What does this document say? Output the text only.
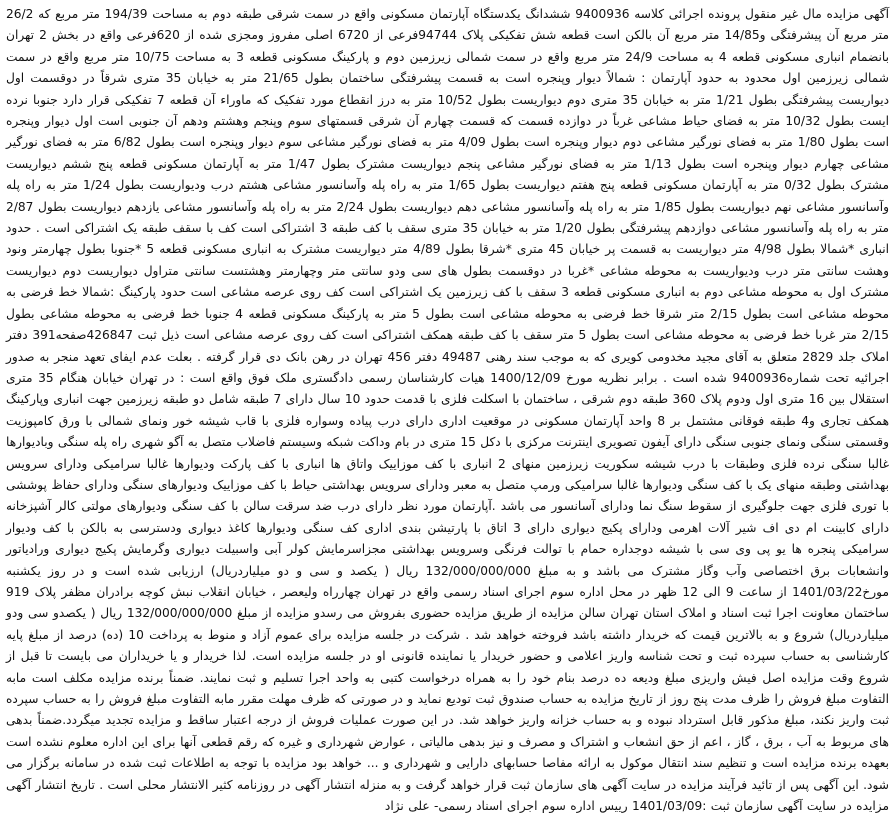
آگهی مزایده مال غیر منقول پرونده اجرائی کلاسه 9400936 ششدانگ یکدستگاه آپارتمان مسکونی واقع در سمت شرقی طبقه دوم به مساحت 194/39 متر مربع که 26/2 متر مربع آن پیشرفتگی و14/85 متر مربع آن بالکن است قطعه شش تفکیکی پلاک 94744فرعی از 6720 اصلی مفروز ومجزی شده از 620فرعی واقع در بخش 2 تهران بانضمام انباری مسکونی قطعه 4 به مساحت 24/9 متر مربع واقع در سمت شمالی زیرزمین دوم و پارکینگ مسکونی قطعه 3 به مساحت 10/75 متر مربع واقع در سمت شمالی زیرزمین اول محدود به حدود آپارتمان : شمالاً دیوار وپنجره است به قسمت پیشرفتگی ساختمان بطول 21/65 متر به خیابان 35 متری شرقاً در دوقسمت اول دیواریست پیشرفتگی بطول 1/21 متر به خیابان 35 متری دوم دیواریست بطول 10/52 متر به درز انقطاع مورد تفکیک که ماوراء آن قطعه 7 تفکیکی قرار دارد جنوبا نرده ایست بطول 10/32 متر به فضای حیاط مشاعی غرباً در دوازده قسمت که قسمت چهارم آن شرقی قسمتهای سوم وپنجم وهشتم ودهم آن جنوبی است اول دیوار وپنجره است بطول 1/80 متر به فضای نورگیر مشاعی دوم دیوار وپنجره است بطول 4/09 متر به فضای نورگیر مشاعی سوم دیوار وپنجره است بطول 6/82 متر به فضای نورگیر مشاعی چهارم دیوار وپنجره است بطول 1/13 متر به فضای نورگیر مشاعی پنجم دیواریست مشترک بطول 1/47 متر به آپارتمان مسکونی قطعه پنج ششم دیواریست مشترک بطول 0/32 متر به آپارتمان مسکونی قطعه پنج هفتم دیواریست بطول 1/65 متر به راه پله وآسانسور مشاعی هشتم درب ودیواریست بطول 1/24 متر به راه پله وآسانسور مشاعی نهم دیواریست بطول 1/85 متر به راه پله وآسانسور مشاعی دهم دیواریست بطول 2/24 متر به راه پله وآسانسور مشاعی یازدهم دیواریست بطول 2/87 متر به راه پله وآسانسور مشاعی دوازدهم پیشرفتگی بطول 1/20 متر به خیابان 35 متری سقف با کف طبقه 3 اشتراکی است کف با سقف طبقه یک اشتراکی است . حدود انباری *شمالا بطول 4/98 متر دیواریست به قسمت پر خیابان 45 متری *شرقا بطول 4/89 متر دیواریست مشترک به انباری مسکونی قطعه 5 *جنوبا بطول چهارمتر ونود وهشت سانتی متر درب ودیواریست به محوطه مشاعی *غربا در دوقسمت بطول های سی ودو سانتی متر وچهارمتر وهشتست سانتی متراول دیواریست دوم دیواریست مشترک اول به محوطه مشاعی دوم به انباری مسکونی قطعه 3 سقف با کف زیرزمین یک اشتراکی است کف روی عرصه مشاعی است حدود پارکینگ :شمالا خط فرضی به محوطه مشاعی است بطول 2/15 متر شرقا خط فرضی به محوطه مشاعی است بطول 5 متر به پارکینگ مسکونی قطعه 4 جنوبا خط فرضی به محوطه مشاعی بطول 2/15 متر غربا خط فرضی به محوطه مشاعی است بطول 5 متر سقف با کف طبقه همکف اشتراکی است کف روی عرصه مشاعی است ذیل ثبت 426847صفحه391 دفتر املاک جلد 2829 متعلق به آقای مجید مخدومی کویری که به موجب سند رهنی 49487 دفتر 456 تهران در رهن بانک دی قرار گرفته . بعلت عدم ایفای تعهد منجر به صدور اجرائیه تحت شماره9400936 شده است . برابر نظریه مورخ 1400/12/09 هیات کارشناسان رسمی دادگستری ملک فوق واقع است : در تهران خیابان هنگام 35 متری استقلال بین 16 متری اول ودوم پلاک 360 طبقه دوم شرقی ، ساختمان با اسکلت فلزی با قدمت حدود 10 سال دارای 7 طبقه شامل دو طبقه زیرزمین جهت انباری وپارکینگ همکف تجاری و4 طبقه فوقانی مشتمل بر 8 واحد آپارتمان مسکونی در موقعیت اداری دارای درب پیاده وسواره فلزی با قاب شیشه خور ونمای شمالی با ورق کامپوزیت وقسمتی سنگی ونمای جنوبی سنگی دارای آیفون تصویری اینترنت مرکزی با دکل 15 متری در بام وداکت شبکه وسیستم فاضلاب متصل به آگو شهری راه پله سنگی وبادیوارها غالبا سنگی نرده فلزی وطبقات با درب شیشه سکوریت زیرزمین منهای 2 انباری با کف موزاییک واتاق ها انباری با کف پارکت ودیوارها غالبا سرامیکی ودارای سرویس بهداشتی وطبقه منهای یک با کف سنگی ودیوارها غالبا سرامیکی ورمپ متصل به معبر ودارای سرویس بهداشتی حیاط با کف موزاییک ودیوارهای سنگی ودارای حفاظ پوششی با توری فلزی جهت جلوگیری از سقوط سنگ نما ودارای آسانسور می باشد .آپارتمان مورد نظر دارای درب ضد سرقت سالن با کف سنگی ودیوارهای مولتی کالر آشپزخانه دارای کابینت ام دی اف شیر آلات اهرمی ودارای پکیج دیواری دارای 3 اتاق با پارتیشن بندی اداری کف سنگی ودیوارها کاغذ دیواری ودسترسی به بالکن با کف ودیوار سرامیکی پنجره ها یو پی وی سی با شیشه دوجداره حمام با توالت فرنگی وسرویس بهداشتی مجزاسرمایش کولر آبی واسبیلت دیواری وگرمایش پکیج دیواری ورادیاتور وانشعابات برق اختصاصی وآب وگاز مشترک می باشد و به مبلغ 132/000/000/000 ریال ( یکصد و سی و دو میلیاردریال) ارزیابی شده است و در روز یکشنبه مورخ1401/03/22 از ساعت 9 الی 12 ظهر در محل اداره سوم اجرای اسناد رسمی واقع در تهران چهارراه ولیعصر ، خیابان انقلاب نبش کوچه برادران مظفر پلاک 919 ساختمان معاونت اجرا ثبت اسناد و املاک استان تهران سالن مزایده از طریق مزایده حضوری بفروش می رسدو مزایده از مبلغ 132/000/000/000 ریال ( یکصدو سی ودو میلیاردریال) شروع و به بالاترین قیمت که خریدار داشته باشد فروخته خواهد شد . شرکت در جلسه مزایده برای عموم آزاد و منوط به پرداخت 10 (ده) درصد از مبلغ پایه کارشناسی به حساب سپرده ثبت و تحت شناسه واریز اعلامی و حضور خریدار یا نماینده قانونی او در جلسه مزایده است. لذا خریدار و یا خریداران می بایست تا قبل از شروع وقت مزایده اصل فیش واریزی مبلغ ودیعه ده درصد بنام خود را به همراه درخواست کتبی به واحد اجرا تسلیم و ثبت نمایند. ضمناً برنده مزایده مکلف است مابه التفاوت مبلغ فروش را ظرف مدت پنج روز از تاریخ مزایده به حساب صندوق ثبت تودیع نماید و در صورتی که ظرف مهلت مقرر مابه التفاوت مبلغ فروش را به حساب سپرده ثبت واریز نکند، مبلغ مذکور قابل استرداد نبوده و به حساب خزانه واریز خواهد شد. در این صورت عملیات فروش از درجه اعتبار ساقط و مزایده تجدید میگردد.ضمناً بدهی های مربوط به آب ، برق ، گاز ، اعم از حق انشعاب و اشتراک و مصرف و نیز بدهی مالیاتی ، عوارض شهرداری و غیره که رقم قطعی آنها برای این اداره معلوم نشده است بعهده برنده مزایده است و تنظیم سند انتقال موکول به ارائه مفاصا حسابهای دارایی و شهرداری و ... خواهد بود مزایده با توجه به اطلاعات ثبت شده در سامانه برگزار می شود. این آگهی پس از تائید فرآیند مزایده در سایت آگهی های سازمان ثبت قرار خواهد گرفت و به منزله انتشار آگهی در روزنامه کثیر الانتشار محلی است . تاریخ انتشار آگهی مزایده در سایت آگهی سازمان ثبت :1401/03/09 رییس اداره سوم اجرای اسناد رسمی- علی نژاد
